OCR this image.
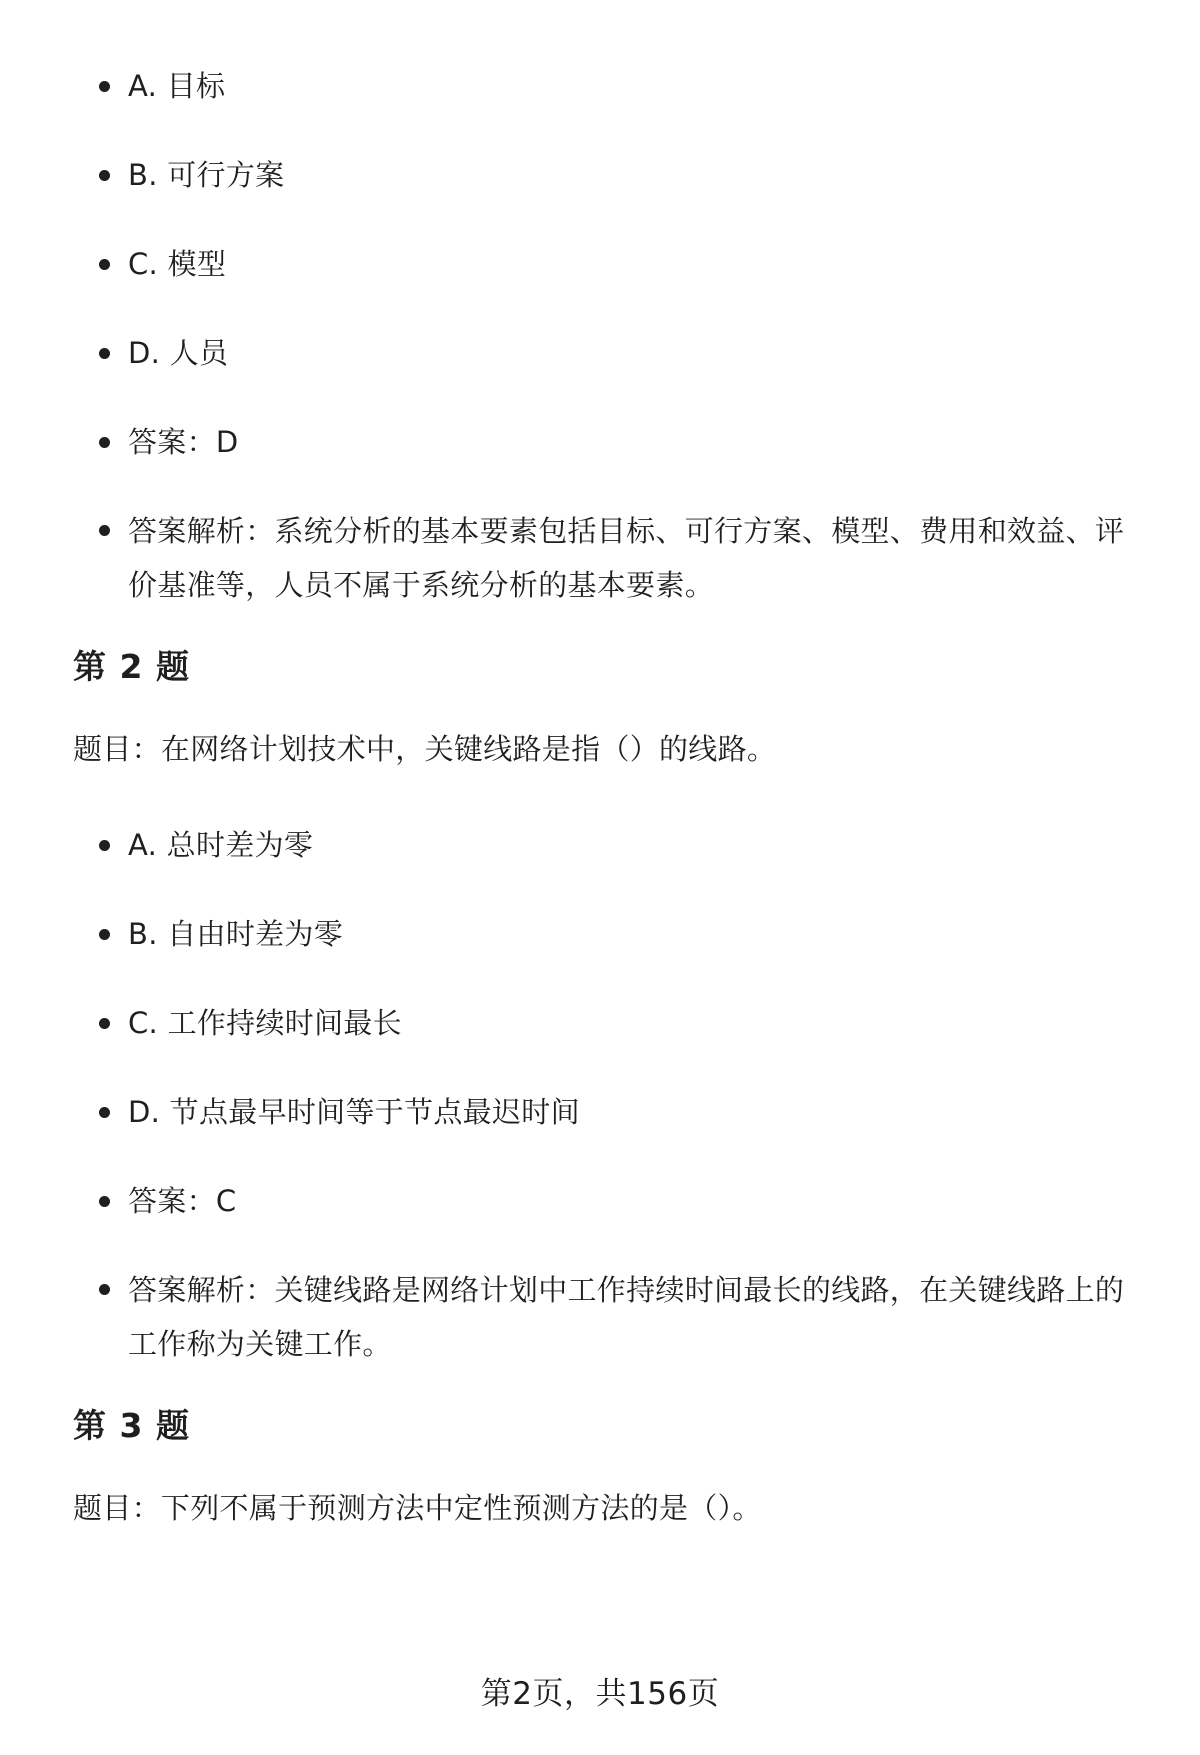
A. 目标
B. 可行方案
C. 模型
D. 人员
答案：D
答案解析：系统分析的基本要素包括目标、可行方案、模型、费用和效益、评价基准等，人员不属于系统分析的基本要素。
第 2 题

题目：在网络计划技术中，关键线路是指（）的线路。

A. 总时差为零
B. 自由时差为零
C. 工作持续时间最长
D. 节点最早时间等于节点最迟时间
答案：C
答案解析：关键线路是网络计划中工作持续时间最长的线路，在关键线路上的工作称为关键工作。
第 3 题

题目：下列不属于预测方法中定性预测方法的是（）。

第2页，共156页
